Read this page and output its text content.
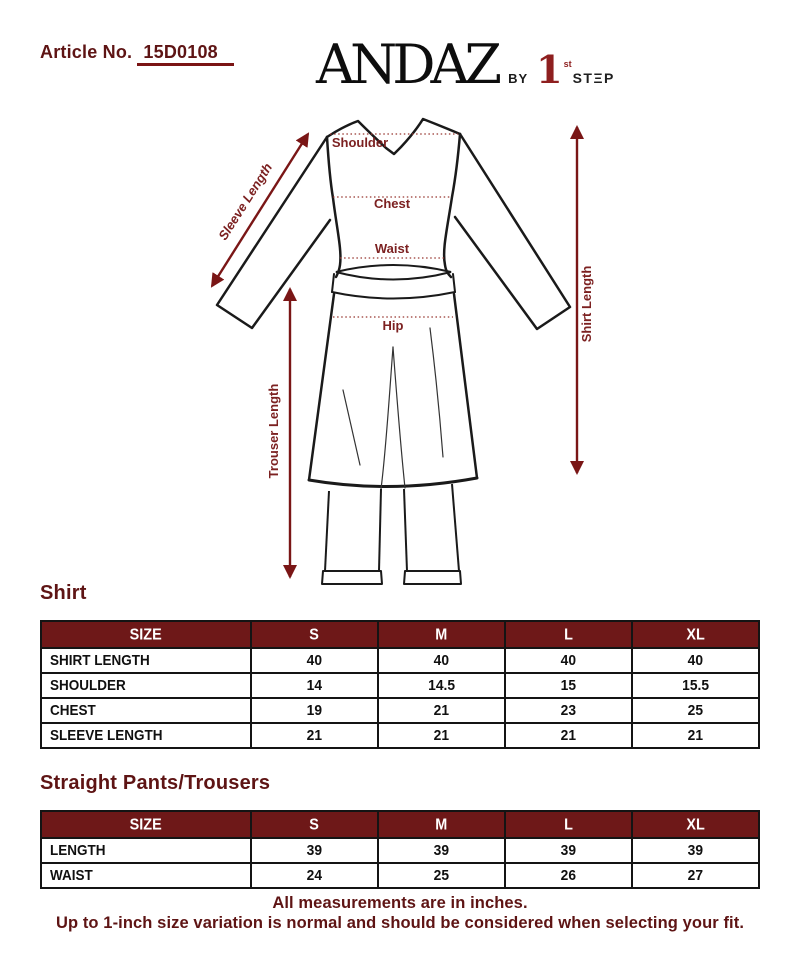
Article No. 15D0108 ANDAZ BY 1 st
STΞP
Shoulder
Chest
Waist
Hip
Sleeve Length
Shirt Length
Trouser Length
Shirt
SIZE	S	M	L	XL
SHIRT LENGTH	40	40	40	40
SHOULDER	14	14.5	15	15.5
CHEST	19	21	23	25
SLEEVE LENGTH	21	21	21	21
Straight Pants/Trousers
SIZE	S	M	L	XL
LENGTH	39	39	39	39
WAIST	24	25	26	27
All measurements are in inches.
Up to 1-inch size variation is normal and should be considered when selecting your fit.
